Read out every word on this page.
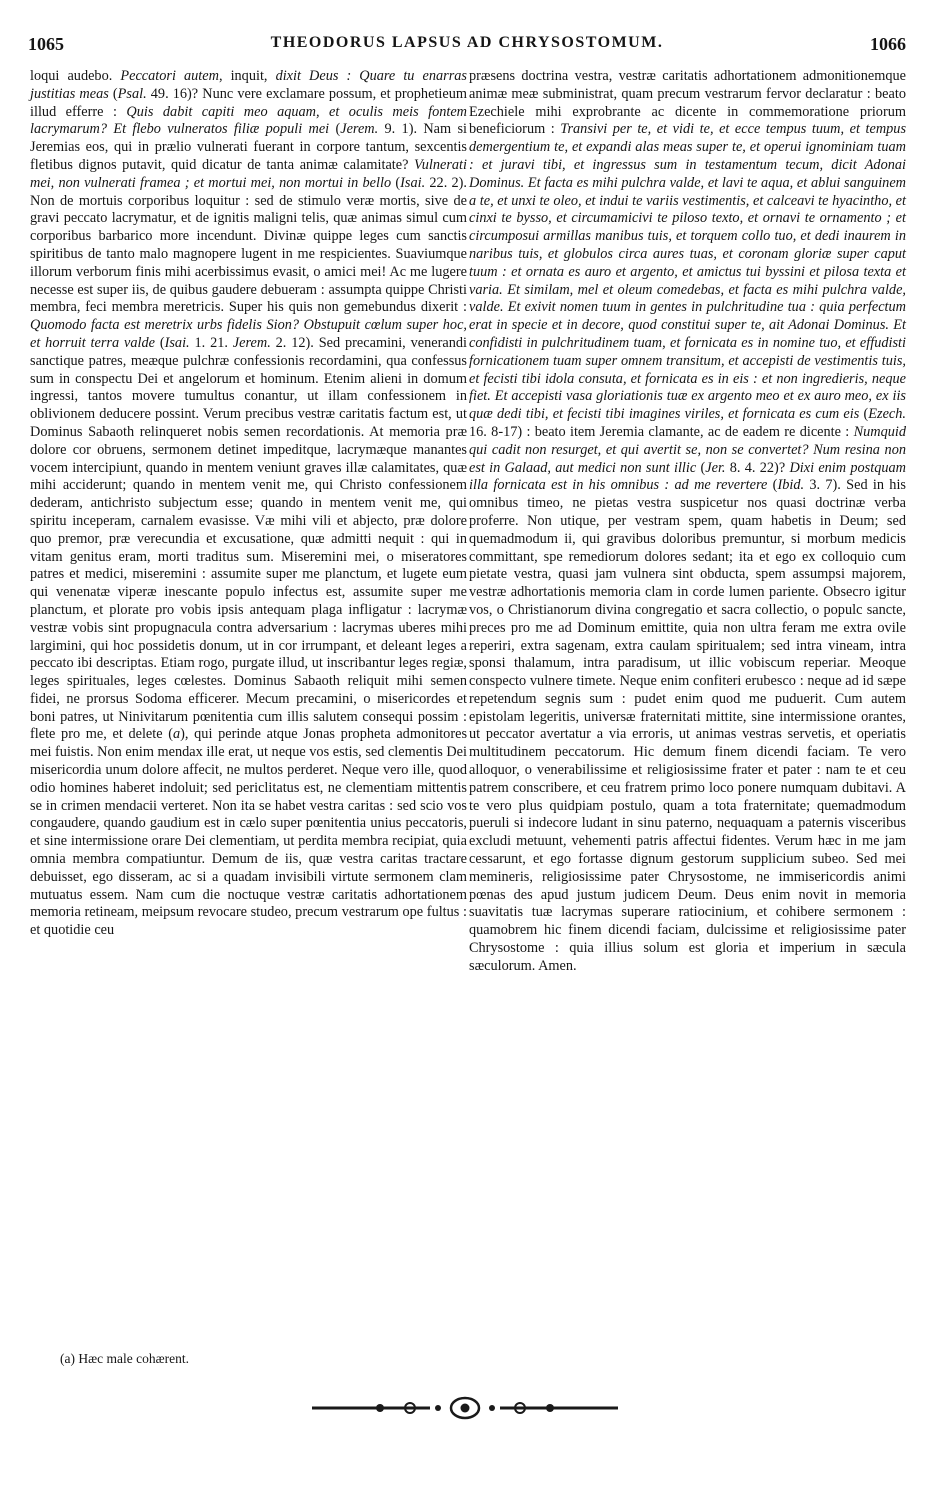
1065	THEODORUS LAPSUS AD CHRYSOSTOMUM.	1066

loqui audebo. Peccatori autem, inquit, dixit Deus : Quare tu enarras justitias meas (Psal. 49. 16)? Nunc vere exclamare possum, et prophetieum illud efferre : Quis dabit capiti meo aquam, et oculis meis fontem lacrymarum? Et flebo vulneratos filiæ populi mei (Jerem. 9. 1). Nam si Jeremias eos, qui in prælio vulnerati fuerant in corpore tantum, sexcentis fletibus dignos putavit, quid dicatur de tanta animæ calamitate? Vulnerati mei, non vulnerati framea ; et mortui mei, non mortui in bello (Isai. 22. 2). Non de mortuis corporibus loquitur : sed de stimulo veræ mortis, sive de gravi peccato lacrymatur, et de ignitis maligni telis, quæ animas simul cum corporibus barbarico more incendunt. Divinæ quippe leges cum sanctis spiritibus de tanto malo magnopere lugent in me respicientes. Suaviumque illorum verborum finis mihi acerbissimus evasit, o amici mei! Ac me lugere necesse est super iis, de quibus gaudere debueram : assumpta quippe Christi membra, feci membra meretricis. Super his quis non gemebundus dixerit : Quomodo facta est meretrix urbs fidelis Sion? Obstupuit cœlum super hoc, et horruit terra valde (Isai. 1. 21. Jerem. 2. 12). Sed precamini, venerandi sanctique patres, meæque pulchræ confessionis recordamini, qua confessus sum in conspectu Dei et angelorum et hominum. Etenim alieni in domum ingressi, tantos movere tumultus conantur, ut illam confessionem in oblivionem deducere possint. Verum precibus vestræ caritatis factum est, ut Dominus Sabaoth relinqueret nobis semen recordationis. At memoria præ dolore cor obruens, sermonem detinet impeditque, lacrymæque manantes vocem intercipiunt, quando in mentem veniunt graves illæ calamitates, quæ mihi acciderunt; quando in mentem venit me, qui Christo confessionem dederam, antichristo subjectum esse; quando in mentem venit me, qui spiritu inceperam, carnalem evasisse. Væ mihi vili et abjecto, præ dolore quo premor, præ verecundia et excusatione, quæ admitti nequit : qui in vitam genitus eram, morti traditus sum. Miseremini mei, o miseratores patres et medici, miseremini : assumite super me planctum, et lugete eum qui venenatæ viperæ inescante populo infectus est, assumite super me planctum, et plorate pro vobis ipsis antequam plaga infligatur : lacrymæ vestræ vobis sint propugnacula contra adversarium : lacrymas uberes mihi largimini, qui hoc possidetis donum, ut in cor irrumpant, et deleant leges a peccato ibi descriptas. Etiam rogo, purgate illud, ut inscribantur leges regiæ, leges spirituales, leges cœlestes. Dominus Sabaoth reliquit mihi semen fidei, ne prorsus Sodoma efficerer. Mecum precamini, o misericordes et boni patres, ut Ninivitarum pœnitentia cum illis salutem consequi possim : flete pro me, et delete (a), qui perinde atque Jonas propheta admonitores mei fuistis. Non enim mendax ille erat, ut neque vos estis, sed clementis Dei misericordia unum dolore affecit, ne multos perderet. Neque vero ille, quod odio homines haberet indoluit; sed periclitatus est, ne clementiam mittentis se in crimen mendacii verteret. Non ita se habet vestra caritas : sed scio vos congaudere, quando gaudium est in cælo super pœnitentia unius peccatoris, et sine intermissione orare Dei clementiam, ut perdita membra recipiat, quia omnia membra compatiuntur. Demum de iis, quæ vestra caritas tractare debuisset, ego disseram, ac si a quadam invisibili virtute sermonem clam mutuatus essem. Nam cum die noctuque vestræ caritatis adhortationem memoria retineam, meipsum revocare studeo, precum vestrarum ope fultus : et quotidie ceu

præsens doctrina vestra, vestræ caritatis adhortationem admonitionemque animæ meæ subministrat, quam precum vestrarum fervor declaratur : beato Ezechiele mihi exprobrante ac dicente in commemoratione priorum beneficiorum : Transivi per te, et vidi te, et ecce tempus tuum, et tempus demergentium te, et expandi alas meas super te, et operui ignominiam tuam : et juravi tibi, et ingressus sum in testamentum tecum, dicit Adonai Dominus. Et facta es mihi pulchra valde, et lavi te aqua, et ablui sanguinem a te, et unxi te oleo, et indui te variis vestimentis, et calceavi te hyacintho, et cinxi te bysso, et circumamicivi te piloso texto, et ornavi te ornamento ; et circumposui armillas manibus tuis, et torquem collo tuo, et dedi inaurem in naribus tuis, et globulos circa aures tuas, et coronam gloriæ super caput tuum : et ornata es auro et argento, et amictus tui byssini et pilosa texta et varia. Et similam, mel et oleum comedebas, et facta es mihi pulchra valde, valde. Et exivit nomen tuum in gentes in pulchritudine tua : quia perfectum erat in specie et in decore, quod constitui super te, ait Adonai Dominus. Et confidisti in pulchritudinem tuam, et fornicata es in nomine tuo, et effudisti fornicationem tuam super omnem transitum, et accepisti de vestimentis tuis, et fecisti tibi idola consuta, et fornicata es in eis : et non ingredieris, neque fiet. Et accepisti vasa gloriationis tuæ ex argento meo et ex auro meo, ex iis quæ dedi tibi, et fecisti tibi imagines viriles, et fornicata es cum eis (Ezech. 16. 8-17) : beato item Jeremia clamante, ac de eadem re dicente : Numquid qui cadit non resurget, et qui avertit se, non se convertet? Num resina non est in Galaad, aut medici non sunt illic (Jer. 8. 4. 22)? Dixi enim postquam illa fornicata est in his omnibus : ad me revertere (Ibid. 3. 7). Sed in his omnibus timeo, ne pietas vestra suspicetur nos quasi doctrinæ verba proferre. Non utique, per vestram spem, quam habetis in Deum; sed quemadmodum ii, qui gravibus doloribus premuntur, si morbum medicis committant, spe remediorum dolores sedant; ita et ego ex colloquio cum pietate vestra, quasi jam vulnera sint obducta, spem assumpsi majorem, vestræ adhortationis memoria clam in corde lumen pariente. Obsecro igitur vos, o Christianorum divina congregatio et sacra collectio, o populc sancte, preces pro me ad Dominum emittite, quia non ultra feram me extra ovile reperiri, extra sagenam, extra caulam spiritualem; sed intra vineam, intra sponsi thalamum, intra paradisum, ut illic vobiscum reperiar. Meoque conspecto vulnere timete. Neque enim confiteri erubesco : neque ad id sæpe repetendum segnis sum : pudet enim quod me puduerit. Cum autem epistolam legeritis, universæ fraternitati mittite, sine intermissione orantes, ut peccator avertatur a via erroris, ut animas vestras servetis, et operiatis multitudinem peccatorum. Hic demum finem dicendi faciam. Te vero alloquor, o venerabilissime et religiosissime frater et pater : nam te et ceu patrem conscribere, et ceu fratrem primo loco ponere numquam dubitavi. A te vero plus quidpiam postulo, quam a tota fraternitate; quemadmodum pueruli si indecore ludant in sinu paterno, nequaquam a paternis visceribus excludi metuunt, vehementi patris affectui fidentes. Verum hæc in me jam cessarunt, et ego fortasse dignum gestorum supplicium subeo. Sed mei memineris, religiosissime pater Chrysostome, ne immisericordis animi pœnas des apud justum judicem Deum. Deus enim novit in memoria suavitatis tuæ lacrymas superare ratiocinium, et cohibere sermonem : quamobrem hic finem dicendi faciam, dulcissime et religiosissime pater Chrysostome : quia illius solum est gloria et imperium in sæcula sæculorum. Amen.

(a) Hæc male cohærent.
